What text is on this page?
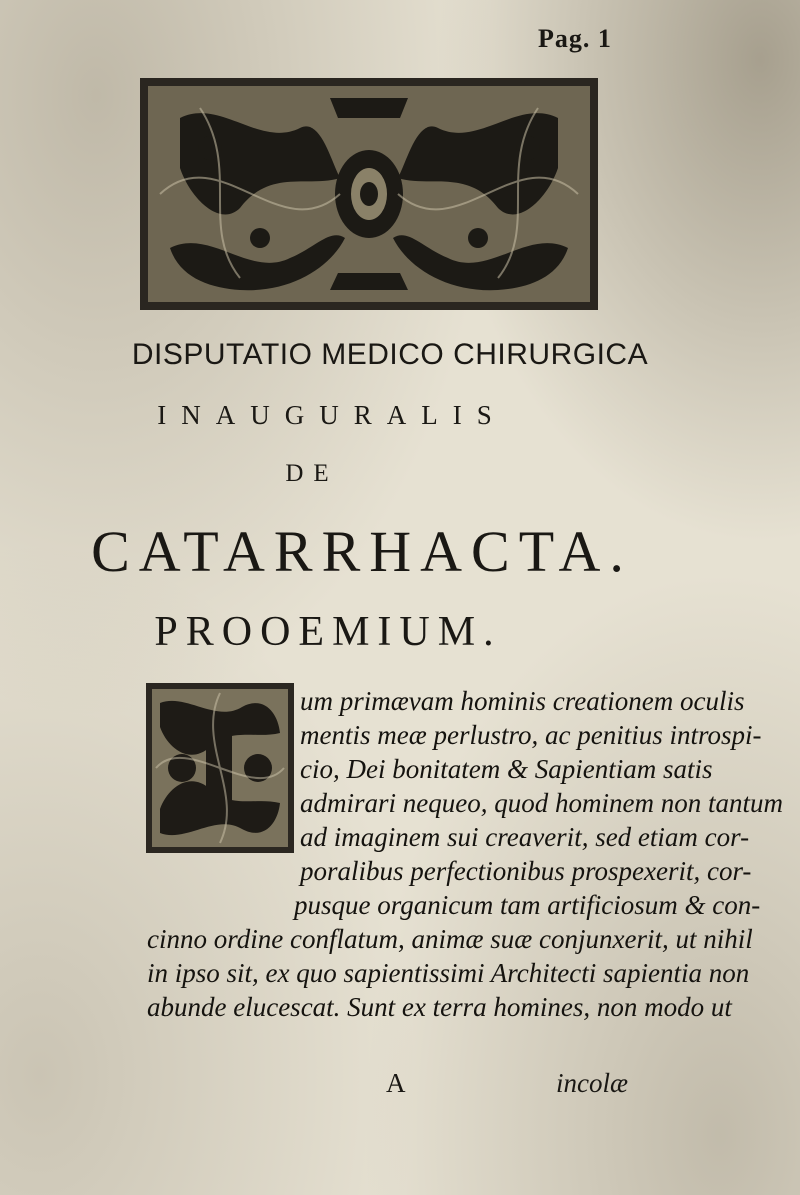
Pag. 1
DISPUTATIO MEDICO CHIRURGICA
INAUGURALIS
DE
CATARRHACTA.
PROOEMIUM.
um primævam hominis creationem oculis
mentis meæ perlustro, ac penitius introspi-
cio, Dei bonitatem & Sapientiam satis
admirari nequeo, quod hominem non tantum
ad imaginem sui creaverit, sed etiam cor-
poralibus perfectionibus prospexerit, cor-
pusque organicum tam artificiosum & con-
cinno ordine conflatum, animæ suæ conjunxerit, ut nihil
in ipso sit, ex quo sapientissimi Architecti sapientia non
abunde elucescat. Sunt ex terra homines, non modo ut
A	incolæ
